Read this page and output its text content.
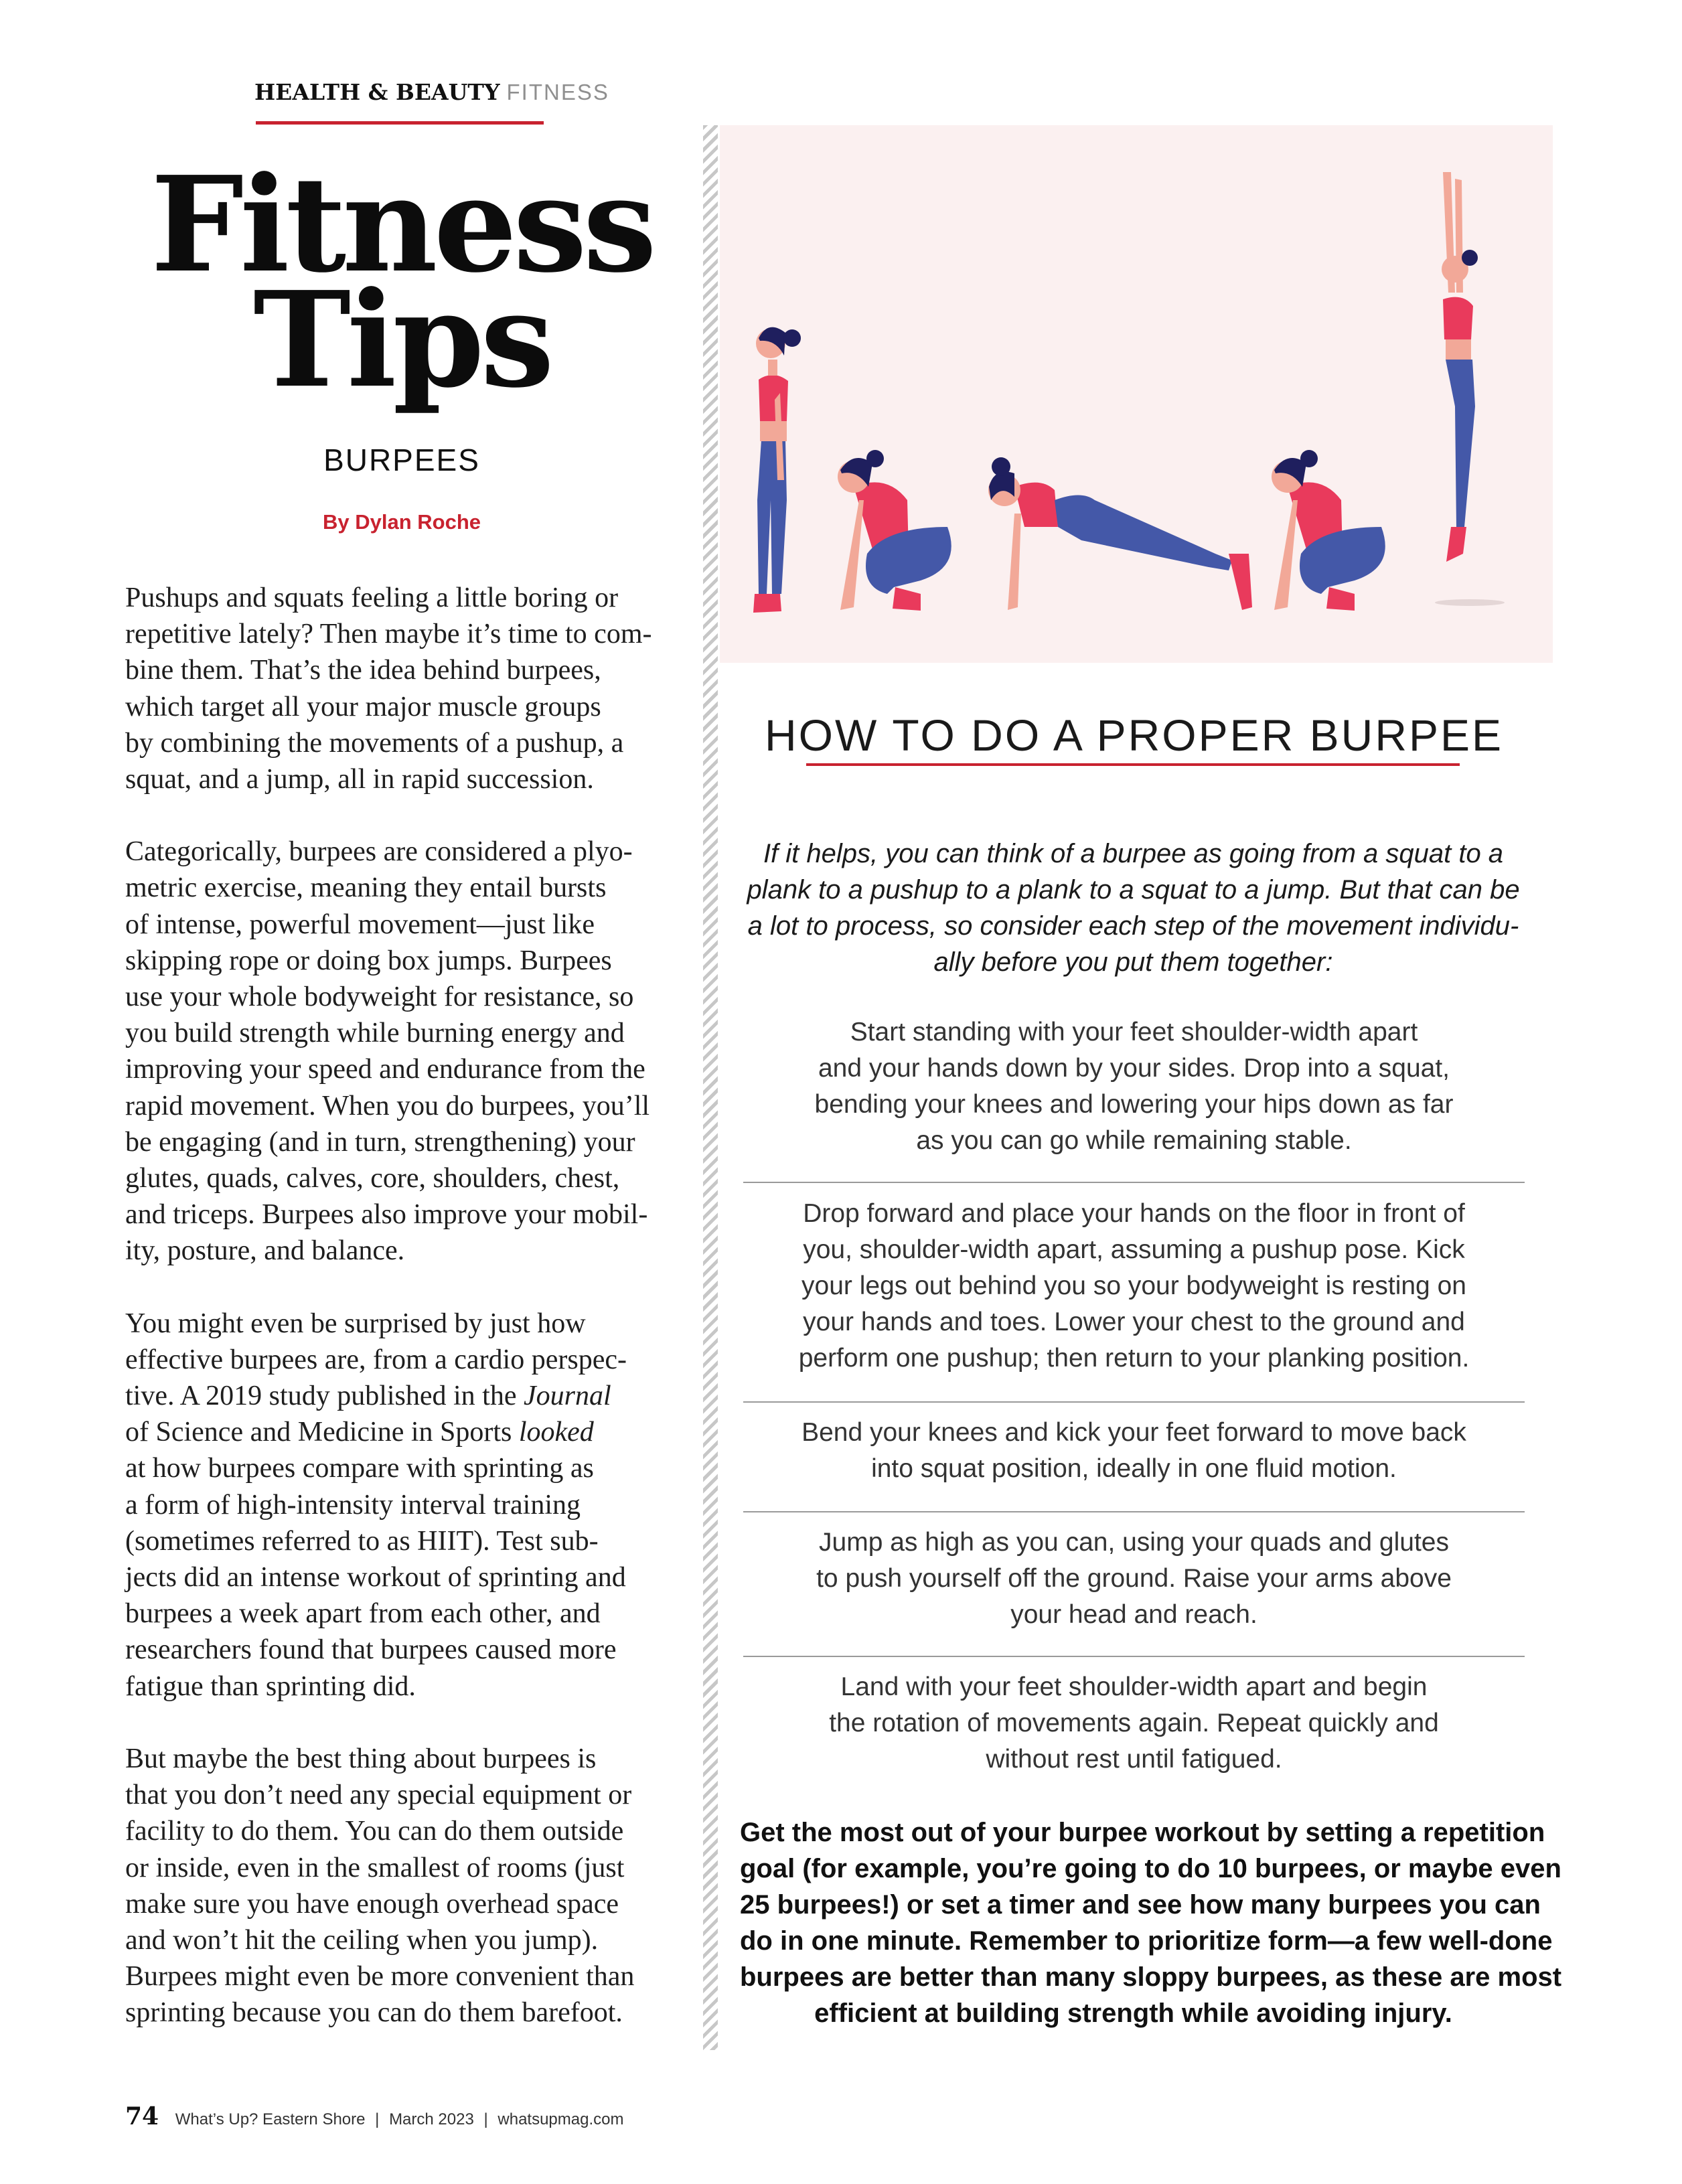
HEALTH & BEAUTY FITNESS
Fitness
Tips
BURPEES
By Dylan Roche

Pushups and squats feeling a little boring or
repetitive lately? Then maybe it’s time to com-
bine them. That’s the idea behind burpees,
which target all your major muscle groups
by combining the movements of a pushup, a
squat, and a jump, all in rapid succession.

Categorically, burpees are considered a plyo-
metric exercise, meaning they entail bursts
of intense, powerful movement—just like
skipping rope or doing box jumps. Burpees
use your whole bodyweight for resistance, so
you build strength while burning energy and
improving your speed and endurance from the
rapid movement. When you do burpees, you’ll
be engaging (and in turn, strengthening) your
glutes, quads, calves, core, shoulders, chest,
and triceps. Burpees also improve your mobil-
ity, posture, and balance.

You might even be surprised by just how
effective burpees are, from a cardio perspec-
tive. A 2019 study published in the Journal
of Science and Medicine in Sports looked
at how burpees compare with sprinting as
a form of high-intensity interval training
(sometimes referred to as HIIT). Test sub-
jects did an intense workout of sprinting and
burpees a week apart from each other, and
researchers found that burpees caused more
fatigue than sprinting did.

But maybe the best thing about burpees is
that you don’t need any special equipment or
facility to do them. You can do them outside
or inside, even in the smallest of rooms (just
make sure you have enough overhead space
and won’t hit the ceiling when you jump).
Burpees might even be more convenient than
sprinting because you can do them barefoot.

HOW TO DO A PROPER BURPEE
If it helps, you can think of a burpee as going from a squat to a
plank to a pushup to a plank to a squat to a jump. But that can be
a lot to process, so consider each step of the movement individu-
ally before you put them together:
Start standing with your feet shoulder-width apart
and your hands down by your sides. Drop into a squat,
bending your knees and lowering your hips down as far
as you can go while remaining stable.
Drop forward and place your hands on the floor in front of
you, shoulder-width apart, assuming a pushup pose. Kick
your legs out behind you so your bodyweight is resting on
your hands and toes. Lower your chest to the ground and
perform one pushup; then return to your planking position.
Bend your knees and kick your feet forward to move back
into squat position, ideally in one fluid motion.
Jump as high as you can, using your quads and glutes
to push yourself off the ground. Raise your arms above
your head and reach.
Land with your feet shoulder-width apart and begin
the rotation of movements again. Repeat quickly and
without rest until fatigued.
Get the most out of your burpee workout by setting a repetition
goal (for example, you’re going to do 10 burpees, or maybe even
25 burpees!) or set a timer and see how many burpees you can
do in one minute. Remember to prioritize form—a few well-done
burpees are better than many sloppy burpees, as these are most
efficient at building strength while avoiding injury.
74 What’s Up? Eastern Shore | March 2023 | whatsupmag.com
